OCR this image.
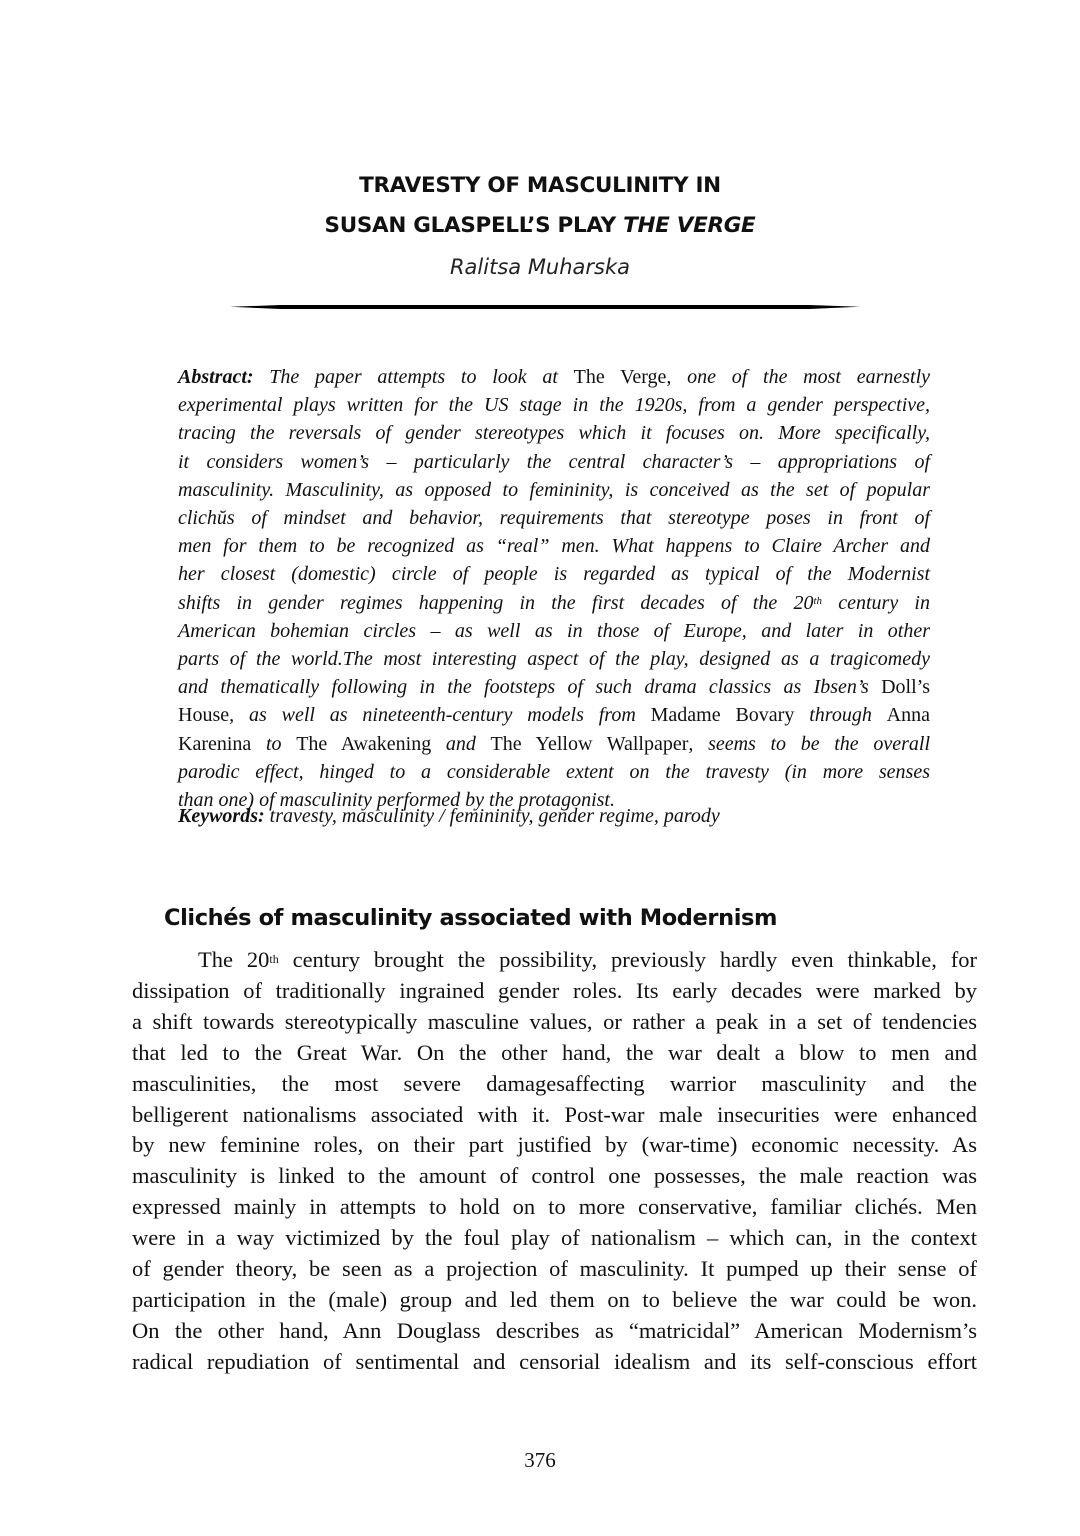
TRAVESTY OF MASCULINITY IN
SUSAN GLASPELL’S PLAY THE VERGE
Ralitsa Muharska
Abstract: The paper attempts to look at The Verge, one of the most earnestly
experimental plays written for the US stage in the 1920s, from a gender perspective,
tracing the reversals of gender stereotypes which it focuses on. More specifically,
it considers women’s – particularly the central character’s – appropriations of
masculinity. Masculinity, as opposed to femininity, is conceived as the set of popular
clichŭs of mindset and behavior, requirements that stereotype poses in front of
men for them to be recognized as “real” men. What happens to Claire Archer and
her closest (domestic) circle of people is regarded as typical of the Modernist
shifts in gender regimes happening in the first decades of the 20th century in
American bohemian circles – as well as in those of Europe, and later in other
parts of the world.The most interesting aspect of the play, designed as a tragicomedy
and thematically following in the footsteps of such drama classics as Ibsen’s Doll’s
House, as well as nineteenth-century models from Madame Bovary through Anna
Karenina to The Awakening and The Yellow Wallpaper, seems to be the overall
parodic effect, hinged to a considerable extent on the travesty (in more senses
than one) of masculinity performed by the protagonist.
Keywords: travesty, masculinity / femininity, gender regime, parody
Clichés of masculinity associated with Modernism
The 20th century brought the possibility, previously hardly even thinkable, for
dissipation of traditionally ingrained gender roles. Its early decades were marked by
a shift towards stereotypically masculine values, or rather a peak in a set of tendencies
that led to the Great War. On the other hand, the war dealt a blow to men and
masculinities, the most severe damagesaffecting warrior masculinity and the
belligerent nationalisms associated with it. Post-war male insecurities were enhanced
by new feminine roles, on their part justified by (war-time) economic necessity. As
masculinity is linked to the amount of control one possesses, the male reaction was
expressed mainly in attempts to hold on to more conservative, familiar clichés. Men
were in a way victimized by the foul play of nationalism – which can, in the context
of gender theory, be seen as a projection of masculinity. It pumped up their sense of
participation in the (male) group and led them on to believe the war could be won.
On the other hand, Ann Douglass describes as “matricidal” American Modernism’s
radical repudiation of sentimental and censorial idealism and its self-conscious effort
376
